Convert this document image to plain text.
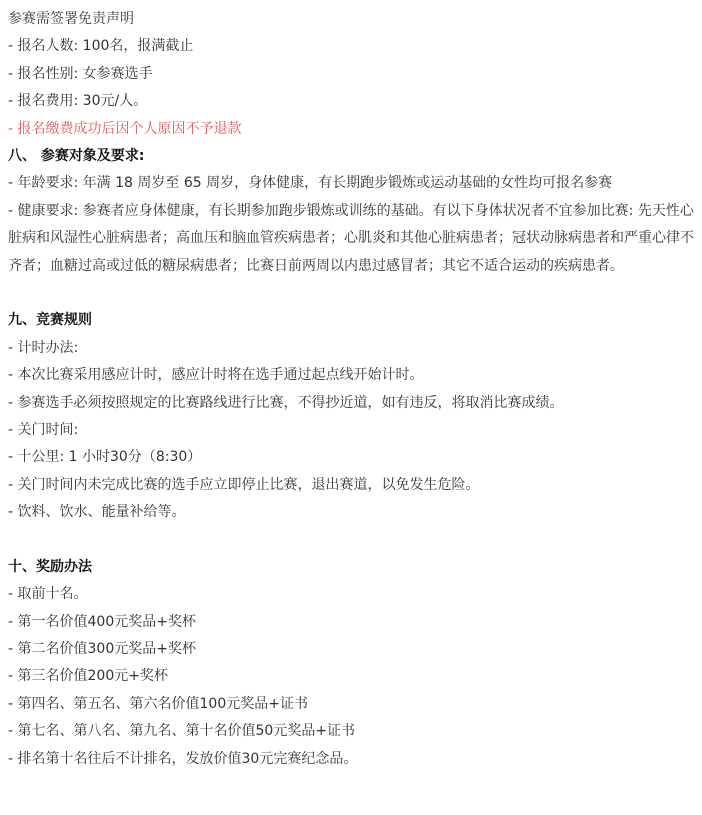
参赛需签署免责声明
- 报名人数: 100名，报满截止
- 报名性别: 女参赛选手
- 报名费用: 30元/人。
- 报名缴费成功后因个人原因不予退款
八、 参赛对象及要求:
- 年龄要求: 年满 18 周岁至 65 周岁，身体健康，有长期跑步锻炼或运动基础的女性均可报名参赛
- 健康要求: 参赛者应身体健康，有长期参加跑步锻炼或训练的基础。有以下身体状况者不宜参加比赛: 先天性心脏病和风湿性心脏病患者；高血压和脑血管疾病患者；心肌炎和其他心脏病患者；冠状动脉病患者和严重心律不齐者；血糖过高或过低的糖尿病患者；比赛日前两周以内患过感冒者；其它不适合运动的疾病患者。
九、竞赛规则
- 计时办法:
- 本次比赛采用感应计时，感应计时将在选手通过起点线开始计时。
- 参赛选手必须按照规定的比赛路线进行比赛，不得抄近道，如有违反，将取消比赛成绩。
- 关门时间:
- 十公里: 1 小时30分（8:30）
- 关门时间内未完成比赛的选手应立即停止比赛，退出赛道，以免发生危险。
- 饮料、饮水、能量补给等。
十、奖励办法
- 取前十名。
- 第一名价值400元奖品+奖杯
- 第二名价值300元奖品+奖杯
- 第三名价值200元+奖杯
- 第四名、第五名、第六名价值100元奖品+证书
- 第七名、第八名、第九名、第十名价值50元奖品+证书
- 排名第十名往后不计排名，发放价值30元完赛纪念品。
